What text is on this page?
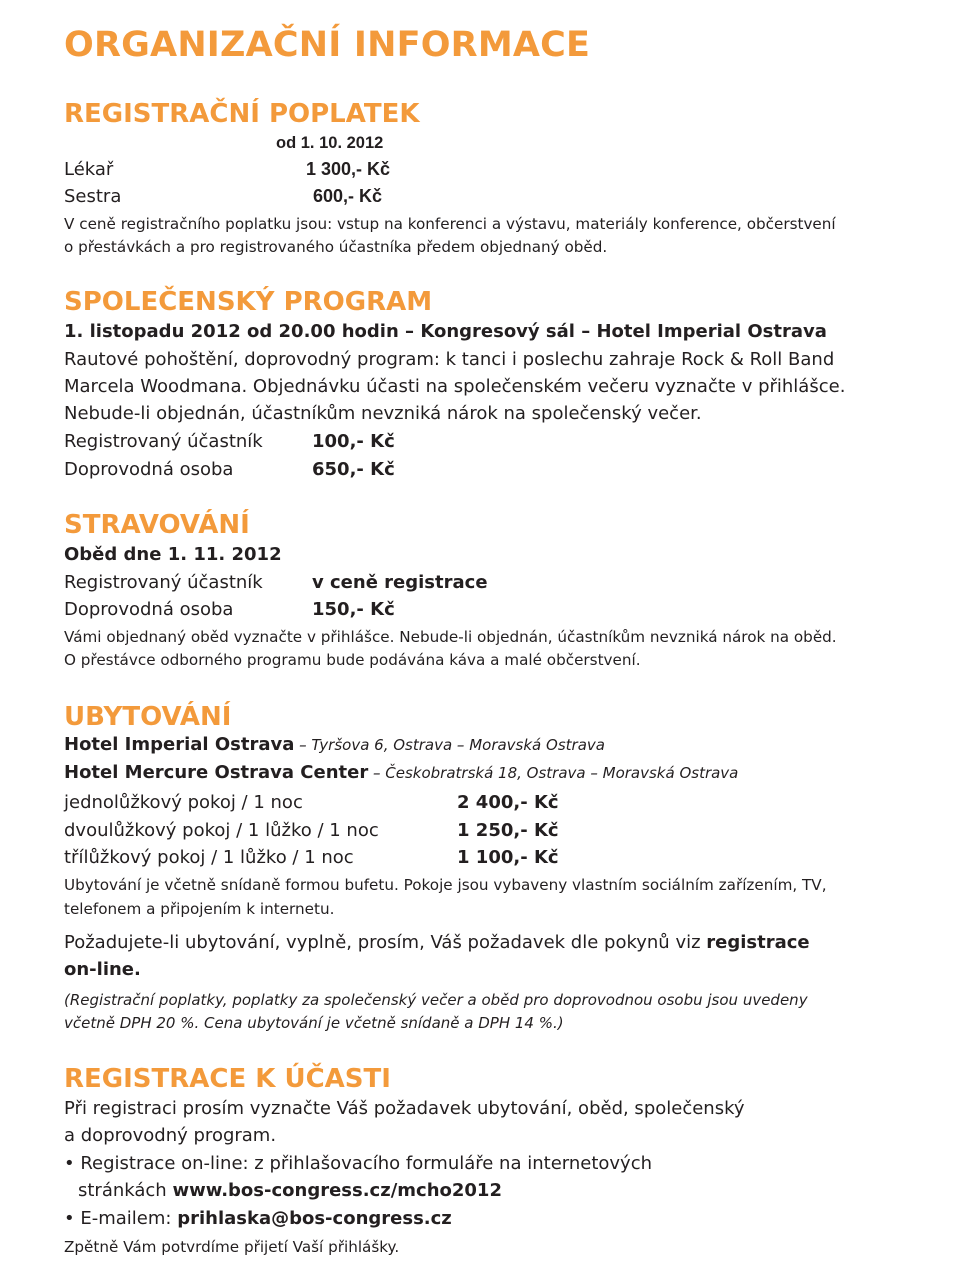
ORGANIZAČNÍ INFORMACE
REGISTRAČNÍ POPLATEK
od 1. 10. 2012
Lékař	1 300,- Kč
Sestra	600,- Kč
V ceně registračního poplatku jsou: vstup na konferenci a výstavu, materiály konference, občerstvení
o přestávkách a pro registrovaného účastníka předem objednaný oběd.
SPOLEČENSKÝ PROGRAM
1. listopadu 2012 od 20.00 hodin – Kongresový sál – Hotel Imperial Ostrava
Rautové pohoštění, doprovodný program: k tanci i poslechu zahraje Rock & Roll Band
Marcela Woodmana. Objednávku účasti na společenském večeru vyznačte v přihlášce.
Nebude-li objednán, účastníkům nevzniká nárok na společenský večer.
Registrovaný účastník	100,- Kč
Doprovodná osoba	650,- Kč
STRAVOVÁNÍ
Oběd dne 1. 11. 2012
Registrovaný účastník	v ceně registrace
Doprovodná osoba	150,- Kč
Vámi objednaný oběd vyznačte v přihlášce. Nebude-li objednán, účastníkům nevzniká nárok na oběd.
O přestávce odborného programu bude podávána káva a malé občerstvení.
UBYTOVÁNÍ
Hotel Imperial Ostrava – Tyršova 6, Ostrava – Moravská Ostrava
Hotel Mercure Ostrava Center – Českobratrská 18, Ostrava – Moravská Ostrava
jednolůžkový pokoj / 1 noc	2 400,- Kč
dvoulůžkový pokoj / 1 lůžko / 1 noc	1 250,- Kč
třílůžkový pokoj / 1 lůžko / 1 noc	1 100,- Kč
Ubytování je včetně snídaně formou bufetu. Pokoje jsou vybaveny vlastním sociálním zařízením, TV,
telefonem a připojením k internetu.
Požadujete-li ubytování, vyplně, prosím, Váš požadavek dle pokynů viz registrace
on-line.
(Registrační poplatky, poplatky za společenský večer a oběd pro doprovodnou osobu jsou uvedeny
včetně DPH 20 %. Cena ubytování je včetně snídaně a DPH 14 %.)
REGISTRACE K ÚČASTI
Při registraci prosím vyznačte Váš požadavek ubytování, oběd, společenský
a doprovodný program.
• Registrace on-line: z přihlašovacího formuláře na internetových
stránkách www.bos-congress.cz/mcho2012
• E-mailem: prihlaska@bos-congress.cz
Zpětně Vám potvrdíme přijetí Vaší přihlášky.
